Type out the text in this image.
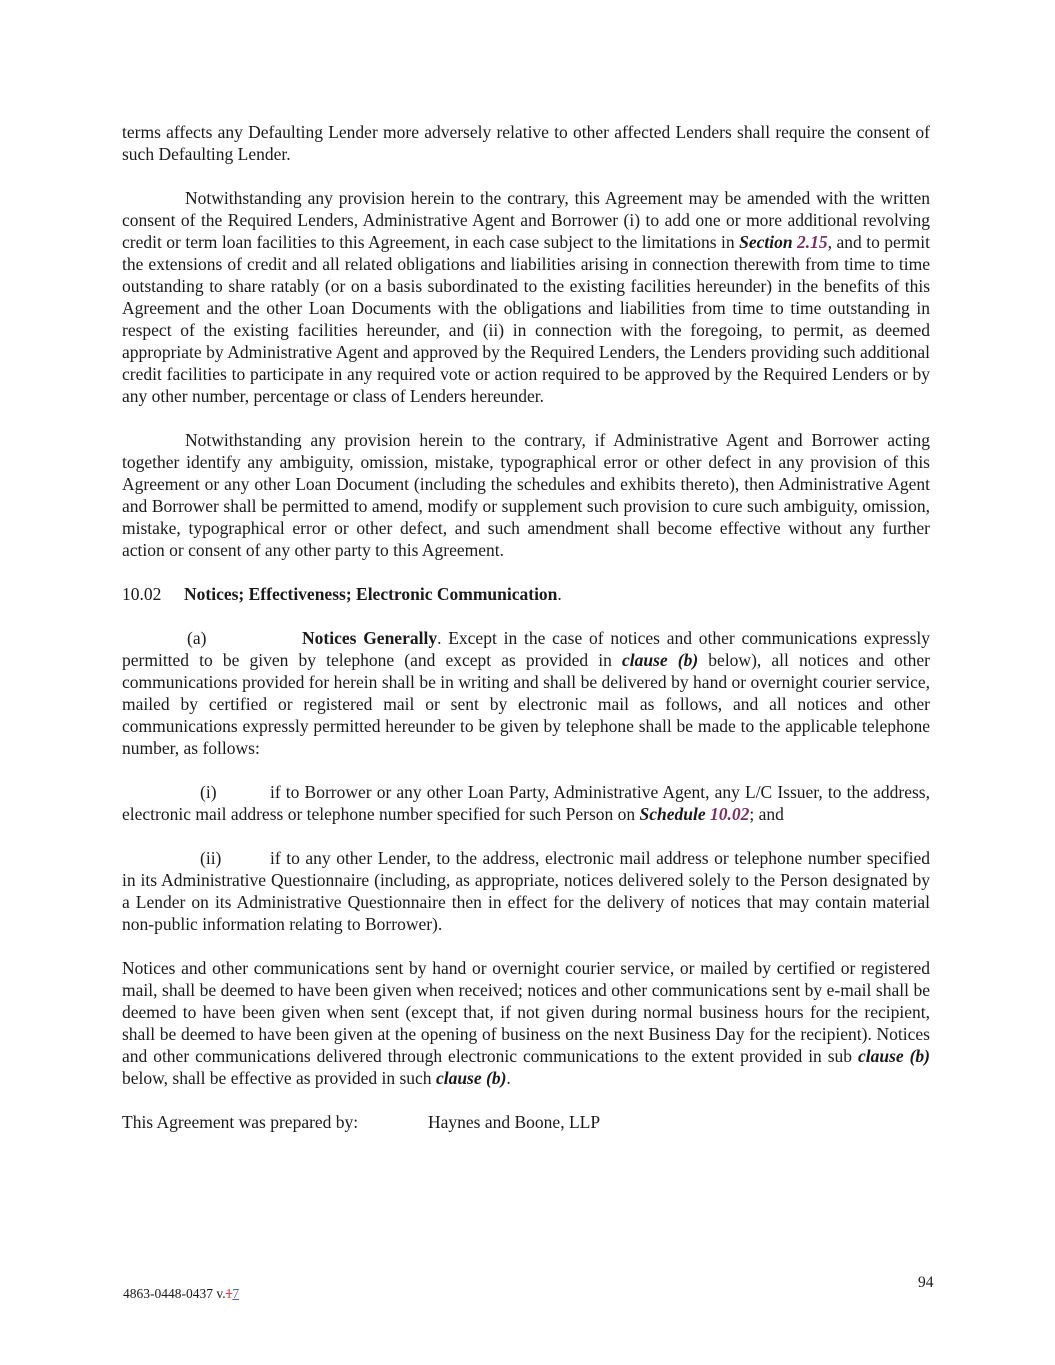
terms affects any Defaulting Lender more adversely relative to other affected Lenders shall require the consent of such Defaulting Lender.

Notwithstanding any provision herein to the contrary, this Agreement may be amended with the written consent of the Required Lenders, Administrative Agent and Borrower (i) to add one or more additional revolving credit or term loan facilities to this Agreement, in each case subject to the limitations in Section 2.15, and to permit the extensions of credit and all related obligations and liabilities arising in connection therewith from time to time outstanding to share ratably (or on a basis subordinated to the existing facilities hereunder) in the benefits of this Agreement and the other Loan Documents with the obligations and liabilities from time to time outstanding in respect of the existing facilities hereunder, and (ii) in connection with the foregoing, to permit, as deemed appropriate by Administrative Agent and approved by the Required Lenders, the Lenders providing such additional credit facilities to participate in any required vote or action required to be approved by the Required Lenders or by any other number, percentage or class of Lenders hereunder.

Notwithstanding any provision herein to the contrary, if Administrative Agent and Borrower acting together identify any ambiguity, omission, mistake, typographical error or other defect in any provision of this Agreement or any other Loan Document (including the schedules and exhibits thereto), then Administrative Agent and Borrower shall be permitted to amend, modify or supplement such provision to cure such ambiguity, omission, mistake, typographical error or other defect, and such amendment shall become effective without any further action or consent of any other party to this Agreement.

10.02 Notices; Effectiveness; Electronic Communication.

(a)	Notices Generally. Except in the case of notices and other communications expressly permitted to be given by telephone (and except as provided in clause (b) below), all notices and other communications provided for herein shall be in writing and shall be delivered by hand or overnight courier service, mailed by certified or registered mail or sent by electronic mail as follows, and all notices and other communications expressly permitted hereunder to be given by telephone shall be made to the applicable telephone number, as follows:

(i)	if to Borrower or any other Loan Party, Administrative Agent, any L/C Issuer, to the address, electronic mail address or telephone number specified for such Person on Schedule 10.02; and

(ii)	if to any other Lender, to the address, electronic mail address or telephone number specified in its Administrative Questionnaire (including, as appropriate, notices delivered solely to the Person designated by a Lender on its Administrative Questionnaire then in effect for the delivery of notices that may contain material non-public information relating to Borrower).

Notices and other communications sent by hand or overnight courier service, or mailed by certified or registered mail, shall be deemed to have been given when received; notices and other communications sent by e-mail shall be deemed to have been given when sent (except that, if not given during normal business hours for the recipient, shall be deemed to have been given at the opening of business on the next Business Day for the recipient). Notices and other communications delivered through electronic communications to the extent provided in sub clause (b) below, shall be effective as provided in such clause (b).

This Agreement was prepared by:	Haynes and Boone, LLP

4863-0448-0437 v.17
94
